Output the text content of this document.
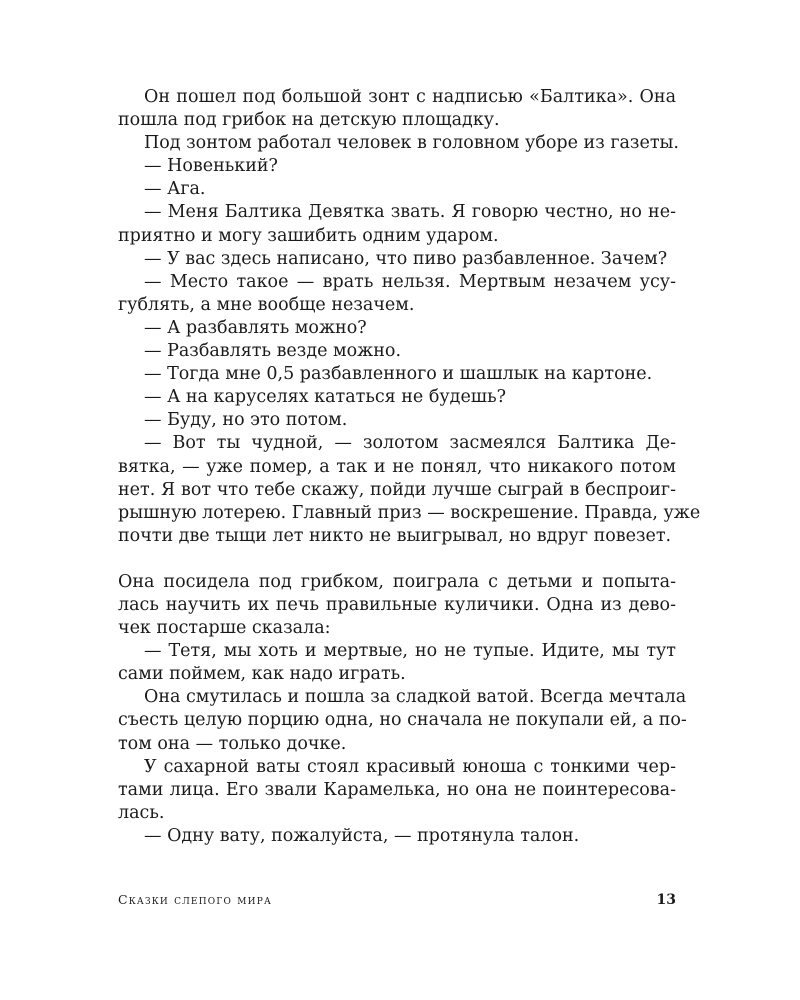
Он пошел под большой зонт с надписью «Балтика». Она
пошла под грибок на детскую площадку.
Под зонтом работал человек в головном уборе из газеты.
— Новенький?
— Ага.
— Меня Балтика Девятка звать. Я говорю честно, но не-
приятно и могу зашибить одним ударом.
— У вас здесь написано, что пиво разбавленное. Зачем?
— Место такое — врать нельзя. Мертвым незачем усу-
гублять, а мне вообще незачем.
— А разбавлять можно?
— Разбавлять везде можно.
— Тогда мне 0,5 разбавленного и шашлык на картоне.
— А на каруселях кататься не будешь?
— Буду, но это потом.
— Вот ты чудной, — золотом засмеялся Балтика Де-
вятка, — уже помер, а так и не понял, что никакого потом
нет. Я вот что тебе скажу, пойди лучше сыграй в беспроиг-
рышную лотерею. Главный приз — воскрешение. Правда, уже
почти две тыщи лет никто не выигрывал, но вдруг повезет.
Она посидела под грибком, поиграла с детьми и попыта-
лась научить их печь правильные куличики. Одна из дево-
чек постарше сказала:
— Тетя, мы хоть и мертвые, но не тупые. Идите, мы тут
сами поймем, как надо играть.
Она смутилась и пошла за сладкой ватой. Всегда мечтала
съесть целую порцию одна, но сначала не покупали ей, а по-
том она — только дочке.
У сахарной ваты стоял красивый юноша с тонкими чер-
тами лица. Его звали Карамелька, но она не поинтересова-
лась.
— Одну вату, пожалуйста, — протянула талон.
Сказки слепого мира	13
